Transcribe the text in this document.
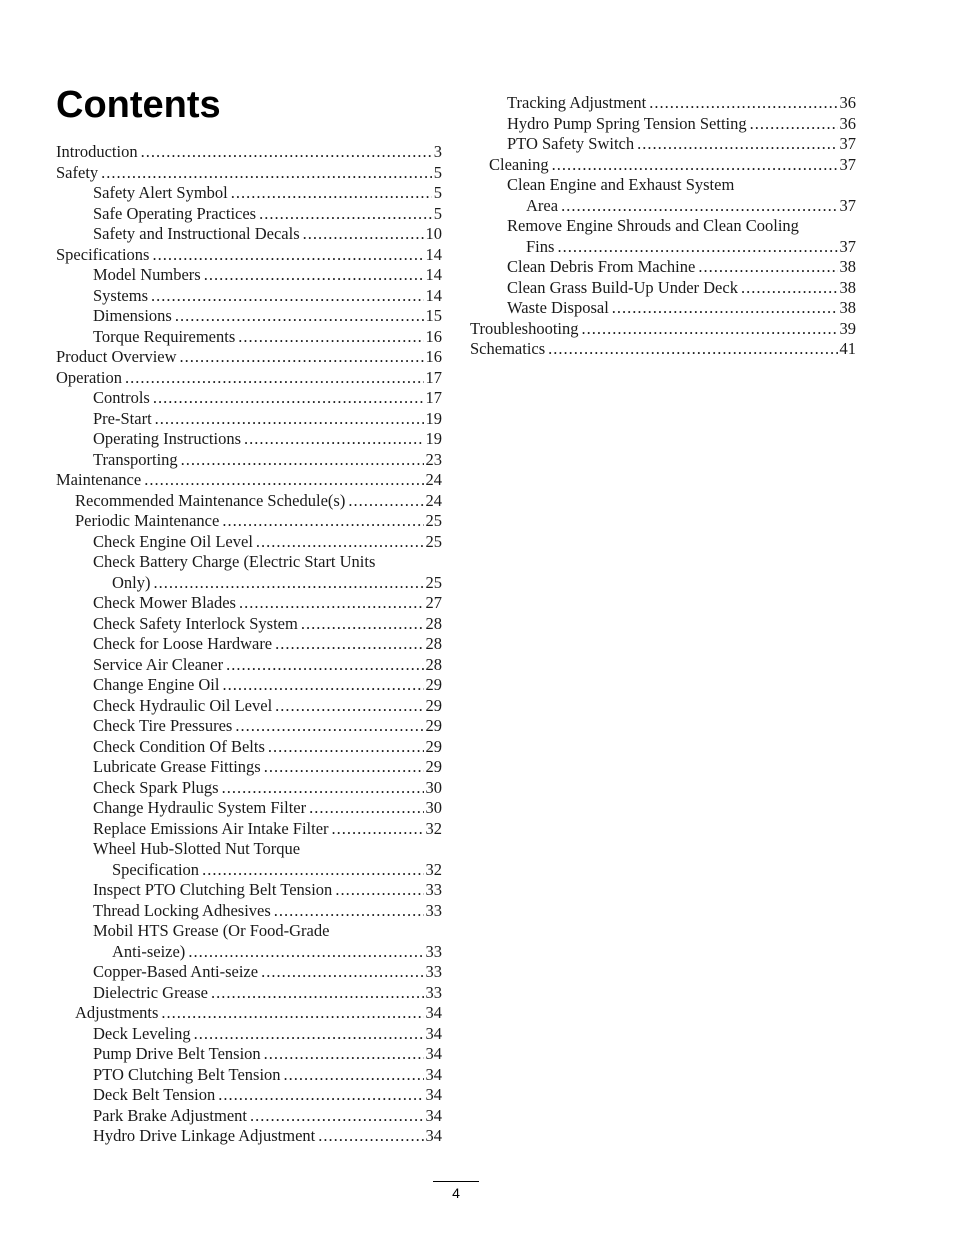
Contents
Introduction .....	3
Safety .....	5
Safety Alert Symbol .....	5
Safe Operating Practices .....	5
Safety and Instructional Decals .....	10
Specifications .....	14
Model Numbers .....	14
Systems .....	14
Dimensions .....	15
Torque Requirements .....	16
Product Overview .....	16
Operation .....	17
Controls .....	17
Pre-Start .....	19
Operating Instructions .....	19
Transporting .....	23
Maintenance .....	24
Recommended Maintenance Schedule(s) .....	24
Periodic Maintenance .....	25
Check Engine Oil Level .....	25
Check Battery Charge (Electric Start Units
Only) .....	25
Check Mower Blades .....	27
Check Safety Interlock System .....	28
Check for Loose Hardware .....	28
Service Air Cleaner .....	28
Change Engine Oil .....	29
Check Hydraulic Oil Level .....	29
Check Tire Pressures .....	29
Check Condition Of Belts .....	29
Lubricate Grease Fittings .....	29
Check Spark Plugs .....	30
Change Hydraulic System Filter .....	30
Replace Emissions Air Intake Filter .....	32
Wheel Hub-Slotted Nut Torque
Specification .....	32
Inspect PTO Clutching Belt Tension .....	33
Thread Locking Adhesives .....	33
Mobil HTS Grease (Or Food-Grade
Anti-seize) .....	33
Copper-Based Anti-seize .....	33
Dielectric Grease .....	33
Adjustments .....	34
Deck Leveling .....	34
Pump Drive Belt Tension .....	34
PTO Clutching Belt Tension .....	34
Deck Belt Tension .....	34
Park Brake Adjustment .....	34
Hydro Drive Linkage Adjustment .....	34
Tracking Adjustment .....	36
Hydro Pump Spring Tension Setting .....	36
PTO Safety Switch .....	37
Cleaning .....	37
Clean Engine and Exhaust System
Area .....	37
Remove Engine Shrouds and Clean Cooling
Fins .....	37
Clean Debris From Machine .....	38
Clean Grass Build-Up Under Deck .....	38
Waste Disposal .....	38
Troubleshooting .....	39
Schematics .....	41
4
